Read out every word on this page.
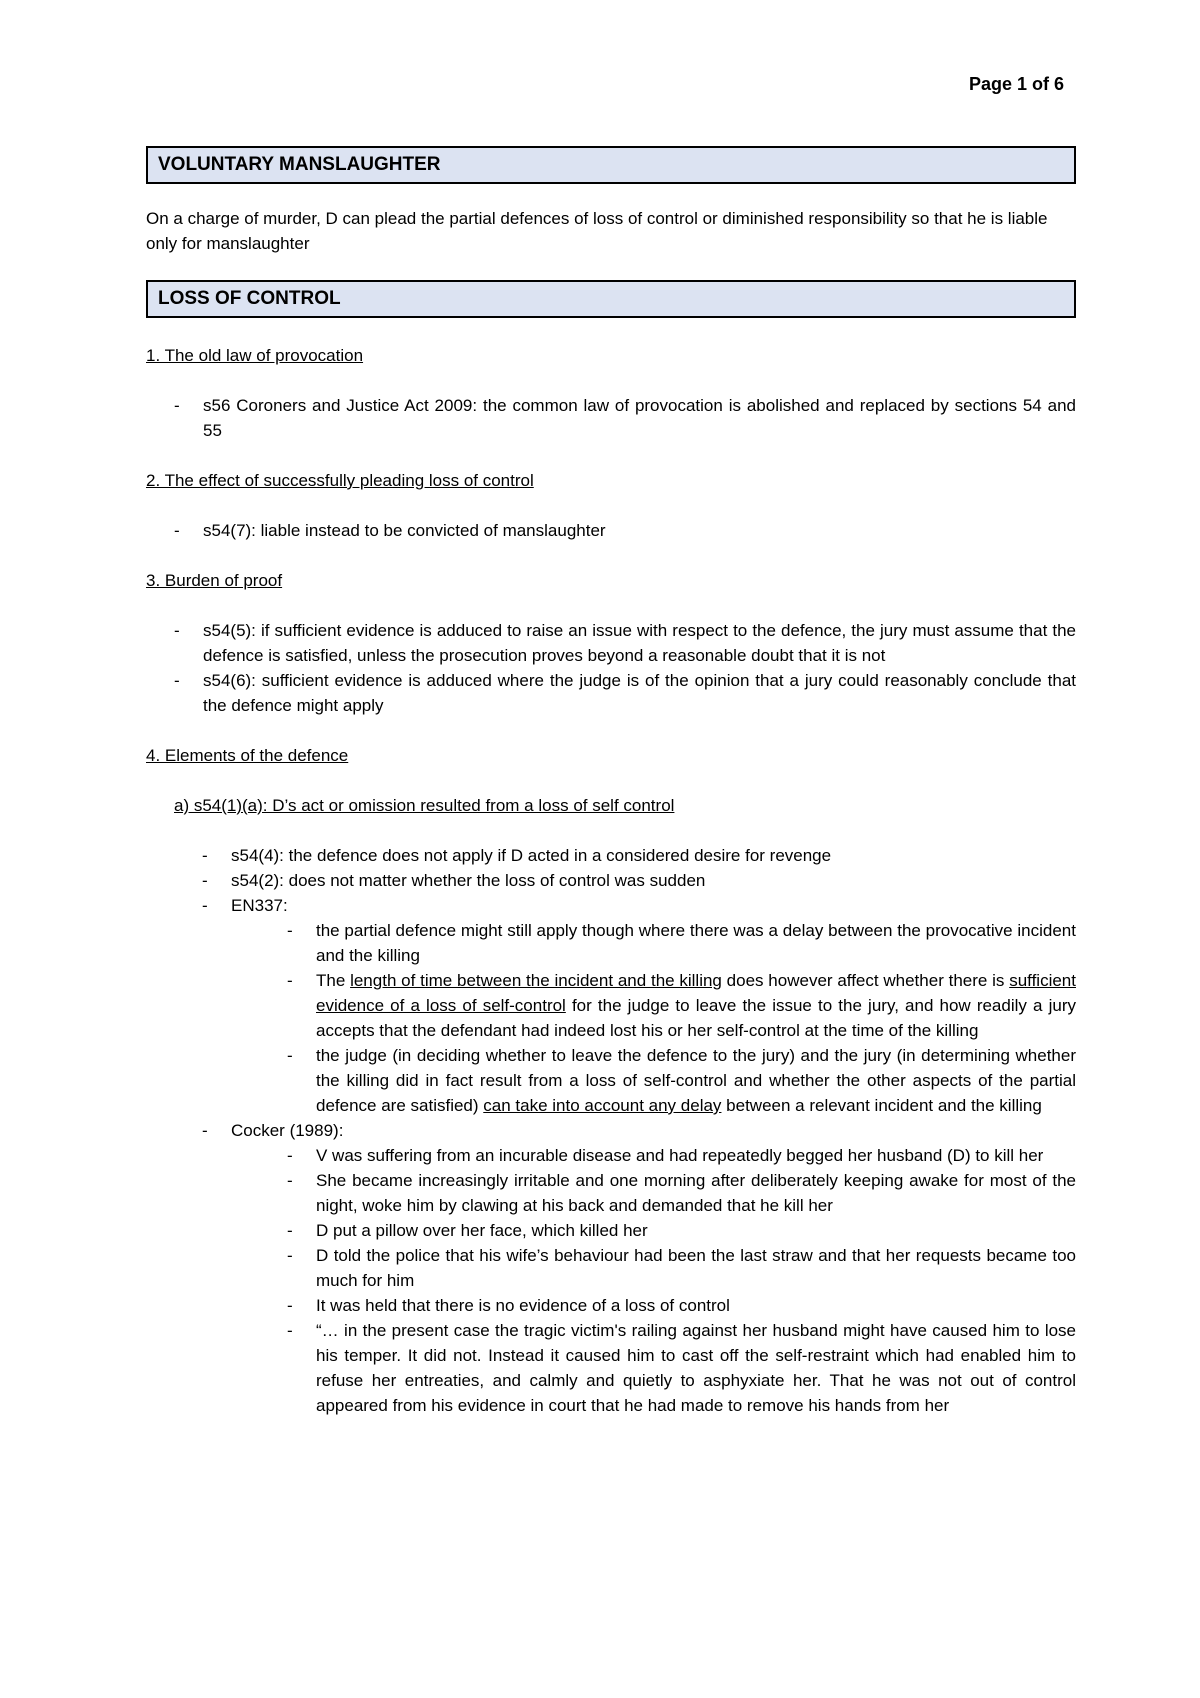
Page 1 of 6
VOLUNTARY MANSLAUGHTER

On a charge of murder, D can plead the partial defences of loss of control or diminished responsibility so that he is liable only for manslaughter

LOSS OF CONTROL

1. The old law of provocation

- s56 Coroners and Justice Act 2009: the common law of provocation is abolished and replaced by sections 54 and 55

2. The effect of successfully pleading loss of control

- s54(7): liable instead to be convicted of manslaughter

3. Burden of proof

- s54(5): if sufficient evidence is adduced to raise an issue with respect to the defence, the jury must assume that the defence is satisfied, unless the prosecution proves beyond a reasonable doubt that it is not
- s54(6): sufficient evidence is adduced where the judge is of the opinion that a jury could reasonably conclude that the defence might apply

4. Elements of the defence

a) s54(1)(a): D’s act or omission resulted from a loss of self control

- s54(4): the defence does not apply if D acted in a considered desire for revenge
- s54(2): does not matter whether the loss of control was sudden
- EN337:
- the partial defence might still apply though where there was a delay between the provocative incident and the killing
- The length of time between the incident and the killing does however affect whether there is sufficient evidence of a loss of self-control for the judge to leave the issue to the jury, and how readily a jury accepts that the defendant had indeed lost his or her self-control at the time of the killing
- the judge (in deciding whether to leave the defence to the jury) and the jury (in determining whether the killing did in fact result from a loss of self-control and whether the other aspects of the partial defence are satisfied) can take into account any delay between a relevant incident and the killing
- Cocker (1989):
- V was suffering from an incurable disease and had repeatedly begged her husband (D) to kill her
- She became increasingly irritable and one morning after deliberately keeping awake for most of the night, woke him by clawing at his back and demanded that he kill her
- D put a pillow over her face, which killed her
- D told the police that his wife’s behaviour had been the last straw and that her requests became too much for him
- It was held that there is no evidence of a loss of control
- “… in the present case the tragic victim's railing against her husband might have caused him to lose his temper. It did not. Instead it caused him to cast off the self-restraint which had enabled him to refuse her entreaties, and calmly and quietly to asphyxiate her. That he was not out of control appeared from his evidence in court that he had made to remove his hands from her
